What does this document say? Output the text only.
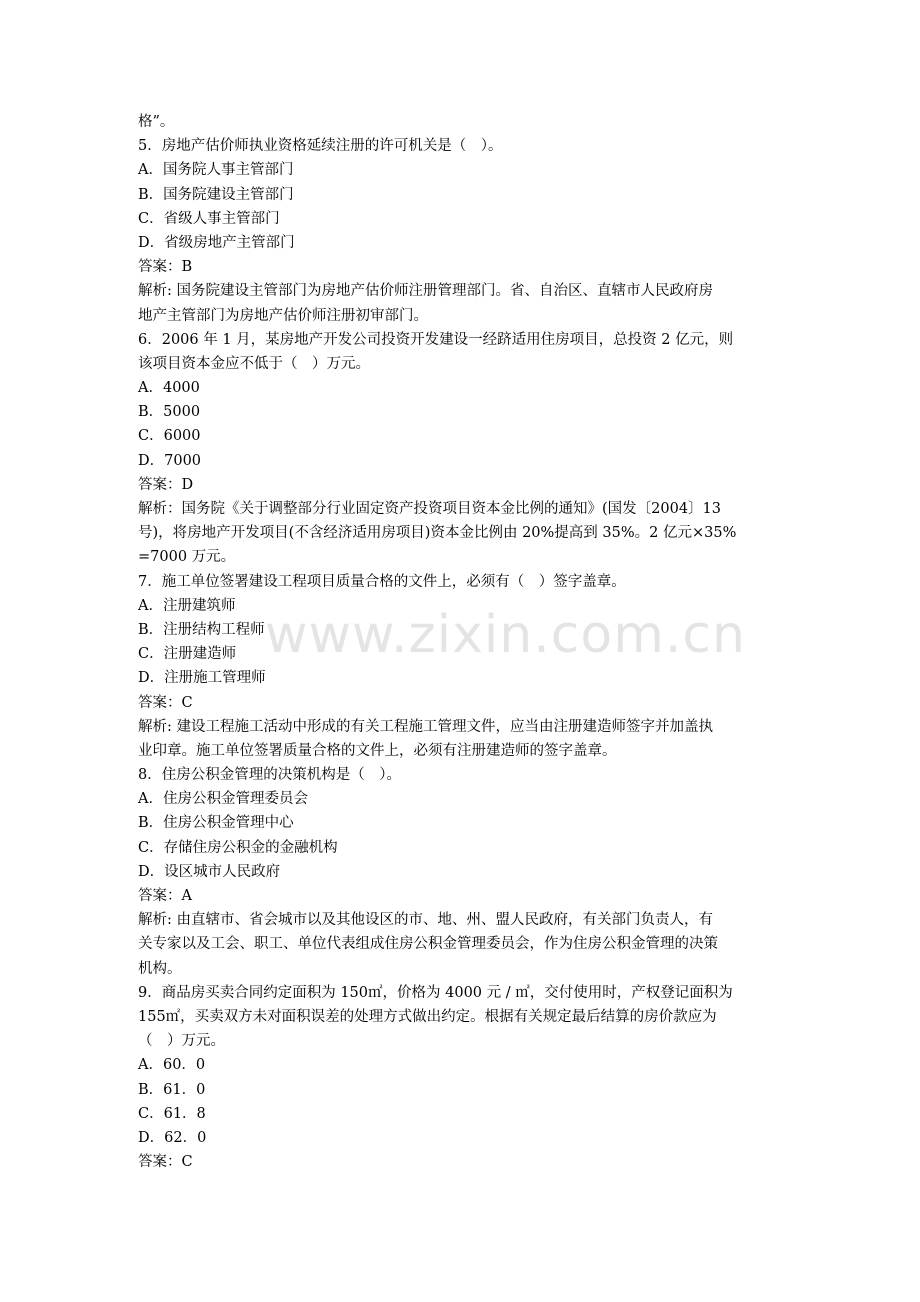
www.zixin.com.cn
格”。
5．房地产估价师执业资格延续注册的许可机关是（　）。
A．国务院人事主管部门
B．国务院建设主管部门
C．省级人事主管部门
D．省级房地产主管部门
答案：B
解析: 国务院建设主管部门为房地产估价师注册管理部门。省、自治区、直辖市人民政府房
地产主管部门为房地产估价师注册初审部门。
6．2006 年 1 月，某房地产开发公司投资开发建设一经跻适用住房项目，总投资 2 亿元，则
该项目资本金应不低于（　）万元。
A．4000
B．5000
C．6000
D．7000
答案：D
解析：国务院《关于调整部分行业固定资产投资项目资本金比例的通知》(国发〔2004〕13
号)，将房地产开发项目(不含经济适用房项目)资本金比例由 20%提高到 35%。2 亿元×35%
=7000 万元。
7．施工单位签署建设工程项目质量合格的文件上，必须有（　）签字盖章。
A．注册建筑师
B．注册结构工程师
C．注册建造师
D．注册施工管理师
答案：C
解析: 建设工程施工活动中形成的有关工程施工管理文件，应当由注册建造师签字并加盖执
业印章。施工单位签署质量合格的文件上，必须有注册建造师的签字盖章。
8．住房公积金管理的决策机构是（　）。
A．住房公积金管理委员会
B．住房公积金管理中心
C．存储住房公积金的金融机构
D．设区城市人民政府
答案：A
解析: 由直辖市、省会城市以及其他设区的市、地、州、盟人民政府，有关部门负责人，有
关专家以及工会、职工、单位代表组成住房公积金管理委员会，作为住房公积金管理的决策
机构。
9．商品房买卖合同约定面积为 150㎡，价格为 4000 元 / ㎡，交付使用时，产权登记面积为
155㎡，买卖双方未对面积误差的处理方式做出约定。根据有关规定最后结算的房价款应为
（　）万元。
A．60．0
B．61．0
C．61．8
D．62．0
答案：C
